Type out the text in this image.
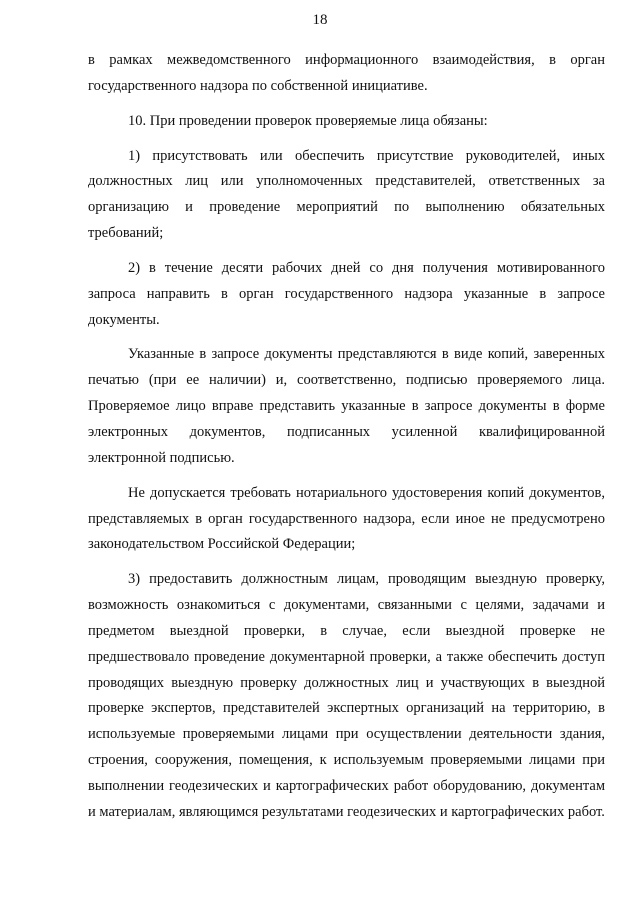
18

в рамках межведомственного информационного взаимодействия, в орган государственного надзора по собственной инициативе.

10. При проведении проверок проверяемые лица обязаны:

1) присутствовать или обеспечить присутствие руководителей, иных должностных лиц или уполномоченных представителей, ответственных за организацию и проведение мероприятий по выполнению обязательных требований;

2) в течение десяти рабочих дней со дня получения мотивированного запроса направить в орган государственного надзора указанные в запросе документы.

Указанные в запросе документы представляются в виде копий, заверенных печатью (при ее наличии) и, соответственно, подписью проверяемого лица. Проверяемое лицо вправе представить указанные в запросе документы в форме электронных документов, подписанных усиленной квалифицированной электронной подписью.

Не допускается требовать нотариального удостоверения копий документов, представляемых в орган государственного надзора, если иное не предусмотрено законодательством Российской Федерации;

3) предоставить должностным лицам, проводящим выездную проверку, возможность ознакомиться с документами, связанными с целями, задачами и предметом выездной проверки, в случае, если выездной проверке не предшествовало проведение документарной проверки, а также обеспечить доступ проводящих выездную проверку должностных лиц и участвующих в выездной проверке экспертов, представителей экспертных организаций на территорию, в используемые проверяемыми лицами при осуществлении деятельности здания, строения, сооружения, помещения, к используемым проверяемыми лицами при выполнении геодезических и картографических работ оборудованию, документам и материалам, являющимся результатами геодезических и картографических работ.
